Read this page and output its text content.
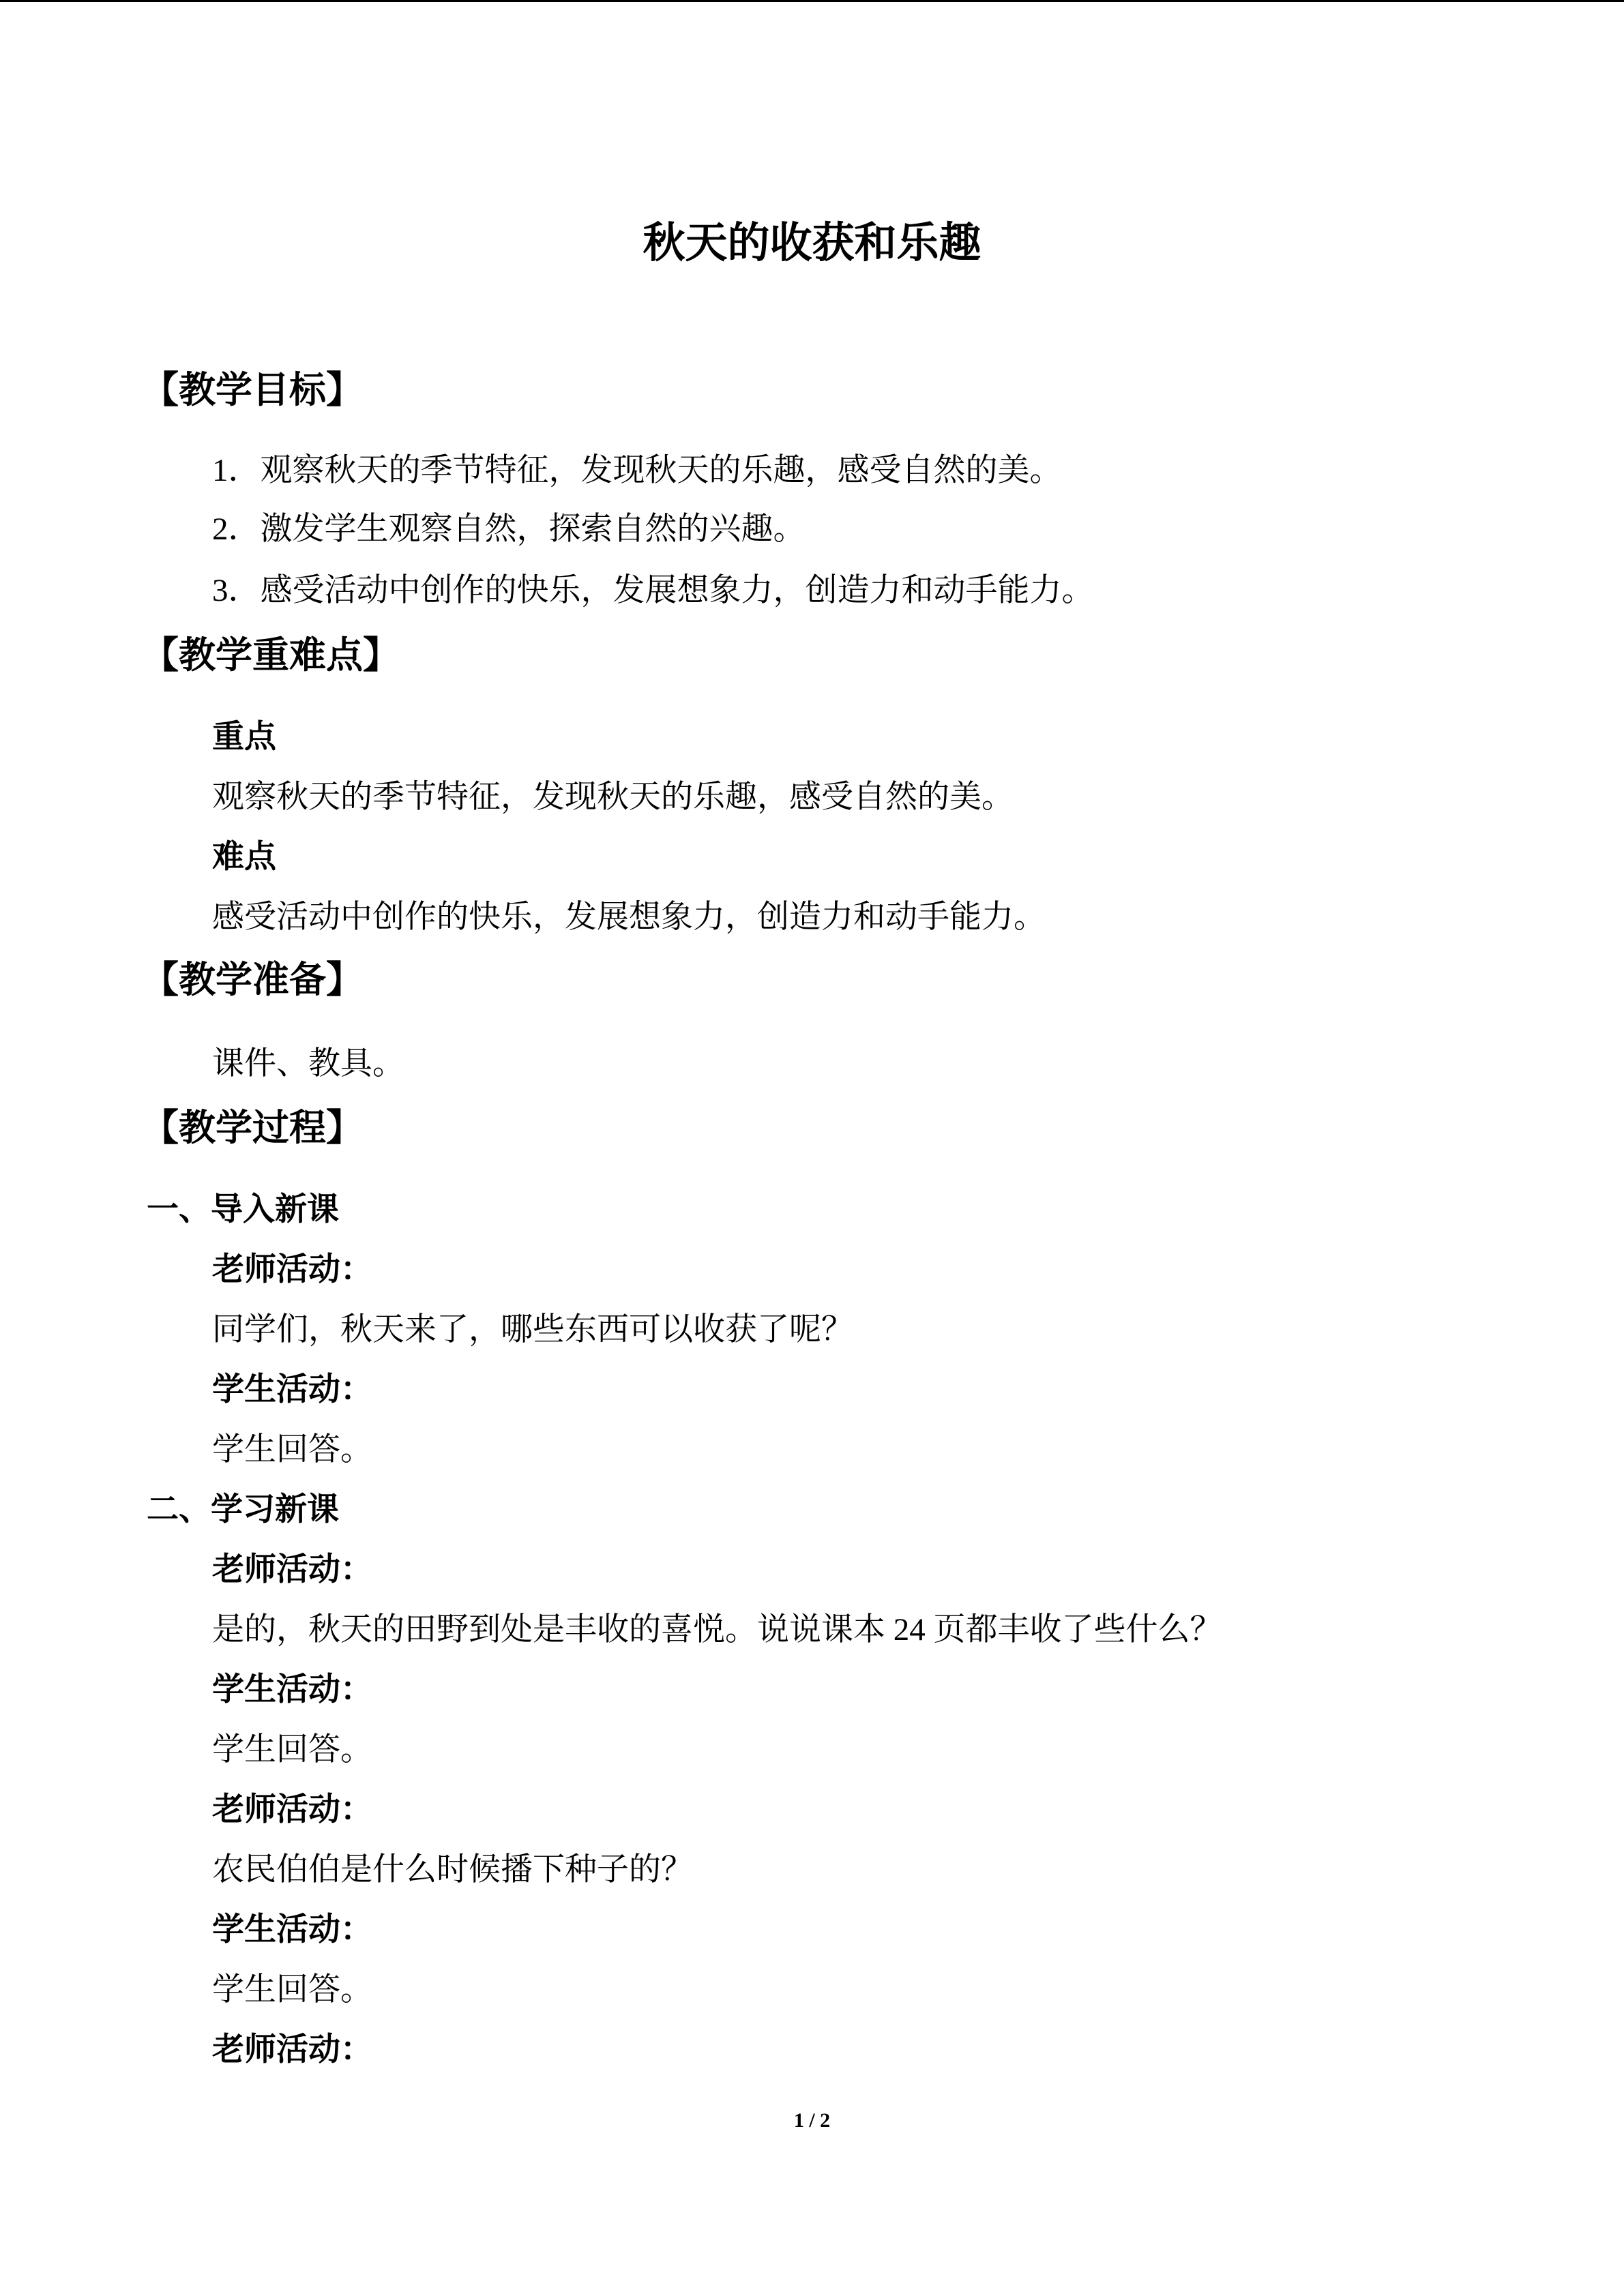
秋天的收获和乐趣
【教学目标】
1．观察秋天的季节特征，发现秋天的乐趣，感受自然的美。
2．激发学生观察自然，探索自然的兴趣。
3．感受活动中创作的快乐，发展想象力，创造力和动手能力。
【教学重难点】
重点
观察秋天的季节特征，发现秋天的乐趣，感受自然的美。
难点
感受活动中创作的快乐，发展想象力，创造力和动手能力。
【教学准备】
课件、教具。
【教学过程】
一、导入新课
老师活动：
同学们，秋天来了，哪些东西可以收获了呢？
学生活动：
学生回答。
二、学习新课
老师活动：
是的，秋天的田野到处是丰收的喜悦。说说课本 24 页都丰收了些什么？
学生活动：
学生回答。
老师活动：
农民伯伯是什么时候播下种子的？
学生活动：
学生回答。
老师活动：
1 / 2
